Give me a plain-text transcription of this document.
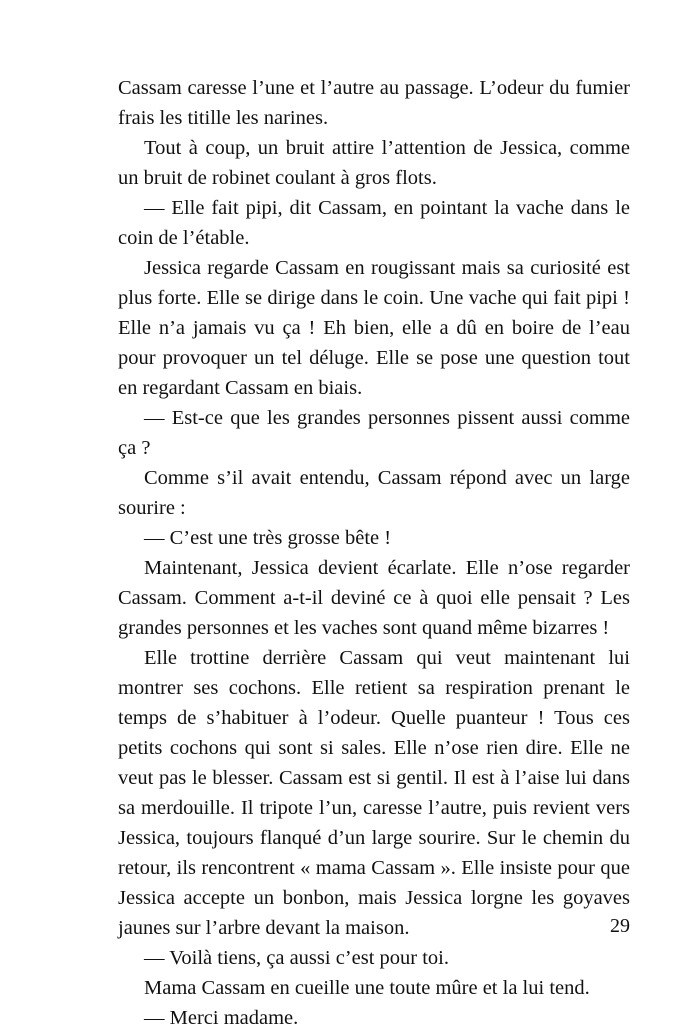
Cassam caresse l’une et l’autre au passage. L’odeur du fumier frais les titille les narines.

Tout à coup, un bruit attire l’attention de Jessica, comme un bruit de robinet coulant à gros flots.

— Elle fait pipi, dit Cassam, en pointant la vache dans le coin de l’étable.

Jessica regarde Cassam en rougissant mais sa curiosité est plus forte. Elle se dirige dans le coin. Une vache qui fait pipi ! Elle n’a jamais vu ça ! Eh bien, elle a dû en boire de l’eau pour provoquer un tel déluge. Elle se pose une question tout en regardant Cassam en biais.

— Est-ce que les grandes personnes pissent aussi comme ça ?

Comme s’il avait entendu, Cassam répond avec un large sourire :

— C’est une très grosse bête !

Maintenant, Jessica devient écarlate. Elle n’ose regarder Cassam. Comment a-t-il deviné ce à quoi elle pensait ? Les grandes personnes et les vaches sont quand même bizarres !

Elle trottine derrière Cassam qui veut maintenant lui montrer ses cochons. Elle retient sa respiration prenant le temps de s’habituer à l’odeur. Quelle puanteur ! Tous ces petits cochons qui sont si sales. Elle n’ose rien dire. Elle ne veut pas le blesser. Cassam est si gentil. Il est à l’aise lui dans sa merdouille. Il tripote l’un, caresse l’autre, puis revient vers Jessica, toujours flanqué d’un large sourire. Sur le chemin du retour, ils rencontrent « mama Cassam ». Elle insiste pour que Jessica accepte un bonbon, mais Jessica lorgne les goyaves jaunes sur l’arbre devant la maison.

— Voilà tiens, ça aussi c’est pour toi.

Mama Cassam en cueille une toute mûre et la lui tend.

— Merci madame.

29
